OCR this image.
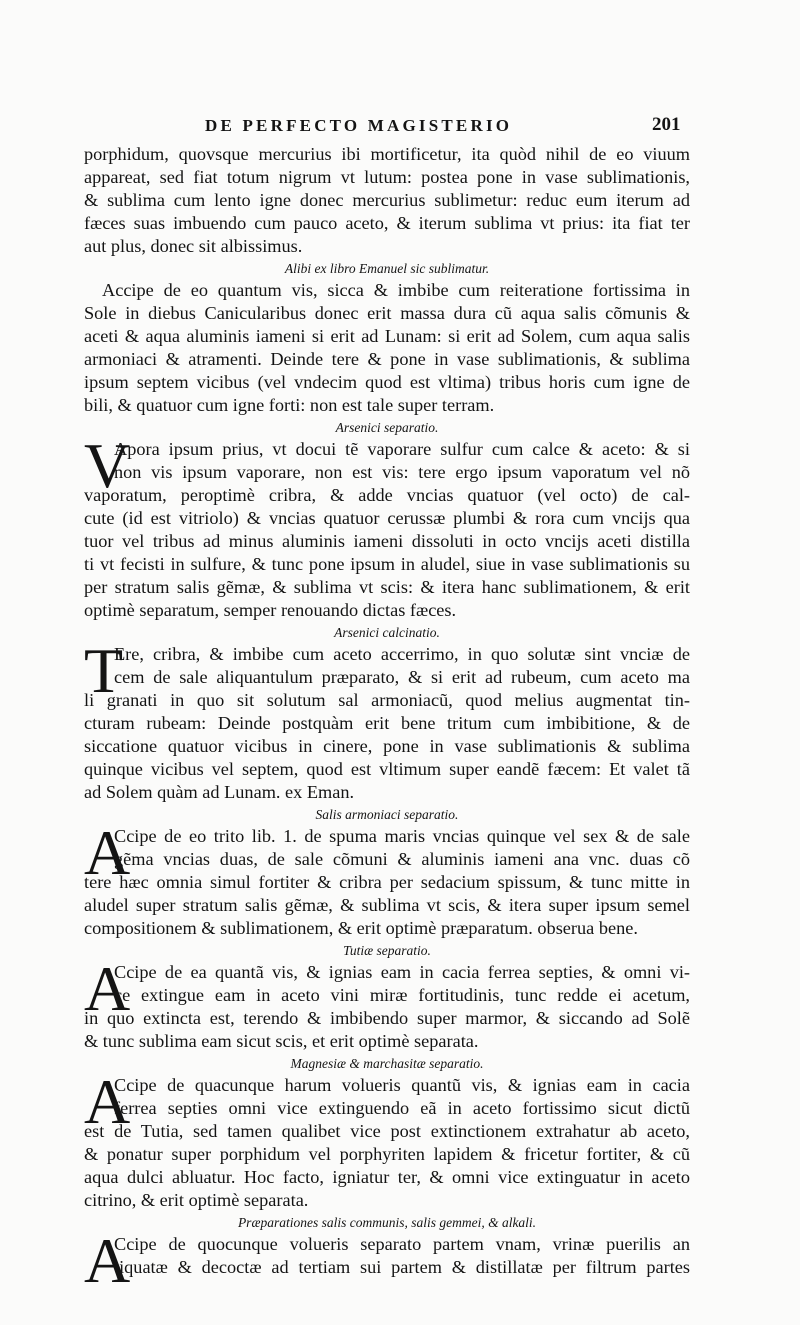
DE PERFECTO MAGISTERIO	201
porphidum, quovsque mercurius ibi mortificetur, ita quòd nihil de eo viuum
appareat, sed fiat totum nigrum vt lutum: postea pone in vase sublimationis,
& sublima cum lento igne donec mercurius sublimetur: reduc eum iterum ad
fæces suas imbuendo cum pauco aceto, & iterum sublima vt prius: ita fiat ter
aut plus, donec sit albissimus.
Alibi ex libro Emanuel sic sublimatur.
Accipe de eo quantum vis, sicca & imbibe cum reiteratione fortissima in
Sole in diebus Canicularibus donec erit massa dura cũ aqua salis cõmunis &
aceti & aqua aluminis iameni si erit ad Lunam: si erit ad Solem, cum aqua salis
armoniaci & atramenti. Deinde tere & pone in vase sublimationis, & sublima
ipsum septem vicibus (vel vndecim quod est vltima) tribus horis cum igne de
bili, & quatuor cum igne forti: non est tale super terram.
Arsenici separatio.
V
Apora ipsum prius, vt docui tẽ vaporare sulfur cum calce & aceto: & si
non vis ipsum vaporare, non est vis: tere ergo ipsum vaporatum vel nõ
vaporatum, peroptimè cribra, & adde vncias quatuor (vel octo) de cal-
cute (id est vitriolo) & vncias quatuor cerussæ plumbi & rora cum vncijs qua
tuor vel tribus ad minus aluminis iameni dissoluti in octo vncijs aceti distilla
ti vt fecisti in sulfure, & tunc pone ipsum in aludel, siue in vase sublimationis su
per stratum salis gẽmæ, & sublima vt scis: & itera hanc sublimationem, & erit
optimè separatum, semper renouando dictas fæces.
Arsenici calcinatio.
T
Ere, cribra, & imbibe cum aceto accerrimo, in quo solutæ sint vnciæ de
cem de sale aliquantulum præparato, & si erit ad rubeum, cum aceto ma
li granati in quo sit solutum sal armoniacũ, quod melius augmentat tin-
cturam rubeam: Deinde postquàm erit bene tritum cum imbibitione, & de
siccatione quatuor vicibus in cinere, pone in vase sublimationis & sublima
quinque vicibus vel septem, quod est vltimum super eandẽ fæcem: Et valet tã
ad Solem quàm ad Lunam. ex Eman.
Salis armoniaci separatio.
A
Ccipe de eo trito lib. 1. de spuma maris vncias quinque vel sex & de sale
gẽma vncias duas, de sale cõmuni & aluminis iameni ana vnc. duas cõ
tere hæc omnia simul fortiter & cribra per sedacium spissum, & tunc mitte in
aludel super stratum salis gẽmæ, & sublima vt scis, & itera super ipsum semel
compositionem & sublimationem, & erit optimè præparatum. obserua bene.
Tutiæ separatio.
A
Ccipe de ea quantã vis, & ignias eam in cacia ferrea septies, & omni vi-
ce extingue eam in aceto vini miræ fortitudinis, tunc redde ei acetum,
in quo extincta est, terendo & imbibendo super marmor, & siccando ad Solẽ
& tunc sublima eam sicut scis, et erit optimè separata.
Magnesiæ & marchasitæ separatio.
A
Ccipe de quacunque harum volueris quantũ vis, & ignias eam in cacia
ferrea septies omni vice extinguendo eã in aceto fortissimo sicut dictũ
est de Tutia, sed tamen qualibet vice post extinctionem extrahatur ab aceto,
& ponatur super porphidum vel porphyriten lapidem & fricetur fortiter, & cũ
aqua dulci abluatur. Hoc facto, igniatur ter, & omni vice extinguatur in aceto
citrino, & erit optimè separata.
Præparationes salis communis, salis gemmei, & alkali.
A
Ccipe de quocunque volueris separato partem vnam, vrinæ puerilis an
tiquatæ & decoctæ ad tertiam sui partem & distillatæ per filtrum partes
